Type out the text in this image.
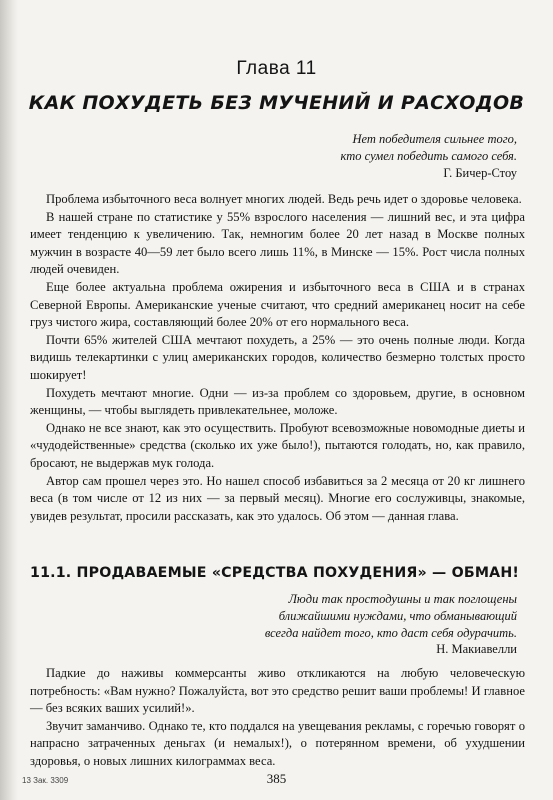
Глава 11
КАК ПОХУДЕТЬ БЕЗ МУЧЕНИЙ И РАСХОДОВ
Нет победителя сильнее того,
кто сумел победить самого себя.
Г. Бичер-Стоу

Проблема избыточного веса волнует многих людей. Ведь речь идет о здоровье человека.

В нашей стране по статистике у 55% взрослого населения — лишний вес, и эта цифра имеет тенденцию к увеличению. Так, немногим более 20 лет назад в Москве полных мужчин в возрасте 40—59 лет было всего лишь 11%, в Минске — 15%. Рост числа полных людей очевиден.

Еще более актуальна проблема ожирения и избыточного веса в США и в странах Северной Европы. Американские ученые считают, что средний американец носит на себе груз чистого жира, составляющий более 20% от его нормального веса.

Почти 65% жителей США мечтают похудеть, а 25% — это очень полные люди. Когда видишь телекартинки с улиц американских городов, количество безмерно толстых просто шокирует!

Похудеть мечтают многие. Одни — из-за проблем со здоровьем, другие, в основном женщины, — чтобы выглядеть привлекательнее, моложе.

Однако не все знают, как это осуществить. Пробуют всевозможные новомодные диеты и «чудодейственные» средства (сколько их уже было!), пытаются голодать, но, как правило, бросают, не выдержав мук голода.

Автор сам прошел через это. Но нашел способ избавиться за 2 месяца от 20 кг лишнего веса (в том числе от 12 из них — за первый месяц). Многие его сослуживцы, знакомые, увидев результат, просили рассказать, как это удалось. Об этом — данная глава.

11.1. ПРОДАВАЕМЫЕ «СРЕДСТВА ПОХУДЕНИЯ» — ОБМАН!
Люди так простодушны и так поглощены
ближайшими нуждами, что обманывающий
всегда найдет того, кто даст себя одурачить.
Н. Макиавелли

Падкие до наживы коммерсанты живо откликаются на любую человеческую потребность: «Вам нужно? Пожалуйста, вот это средство решит ваши проблемы! И главное — без всяких ваших усилий!».

Звучит заманчиво. Однако те, кто поддался на увещевания рекламы, с горечью говорят о напрасно затраченных деньгах (и немалых!), о потерянном времени, об ухудшении здоровья, о новых лишних килограммах веса.

13 Зак. 3309	385
